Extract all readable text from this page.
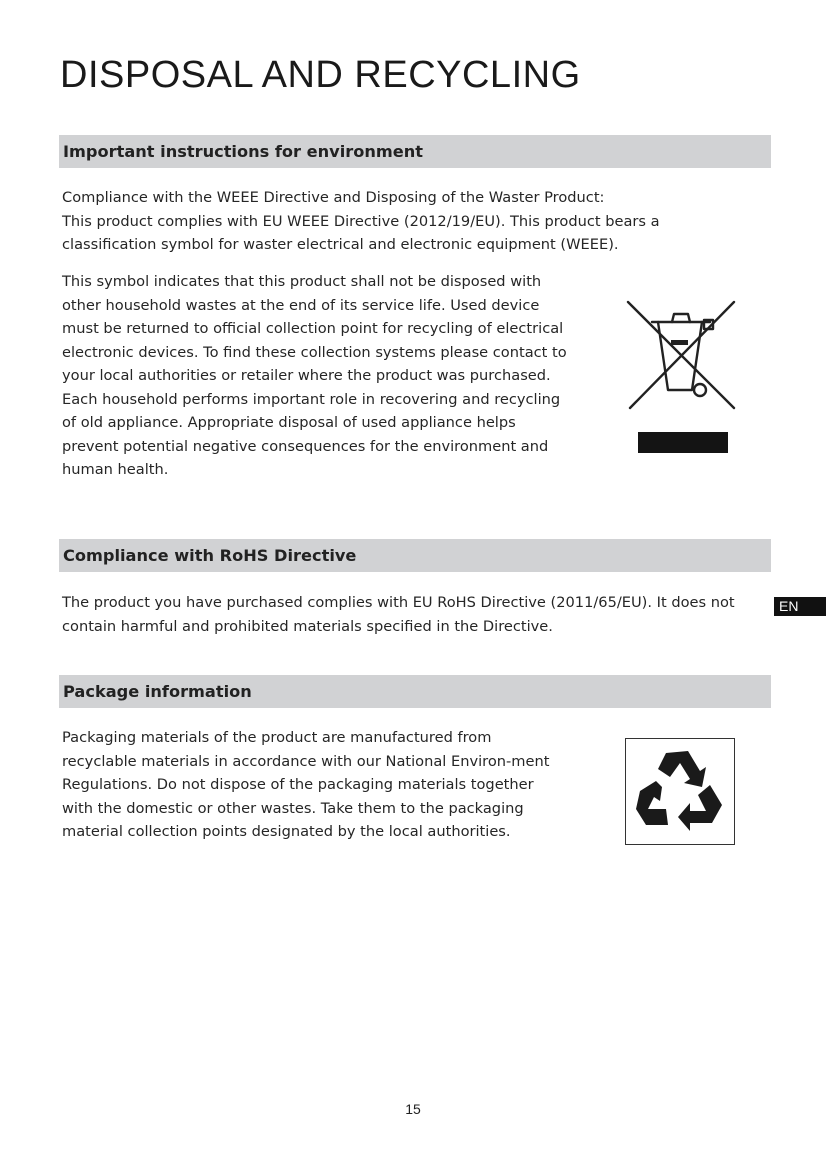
DISPOSAL AND RECYCLING
Important instructions for environment

Compliance with the WEEE Directive and Disposing of the Waster Product:

This product complies with EU WEEE Directive (2012/19/EU). This product bears a classification symbol for waster electrical and electronic equipment (WEEE).

This symbol indicates that this product shall not be disposed with other household wastes at the end of its service life. Used device must be returned to official collection point for recycling of electrical electronic devices. To find these collection systems please contact to your local authorities or retailer where the product was purchased. Each household performs important role in recovering and recycling of old appliance. Appropriate disposal of used appliance helps prevent potential negative consequences for the environment and human health.

Compliance with RoHS Directive

The product you have purchased complies with EU RoHS Directive (2011/65/EU). It does not contain harmful and prohibited materials specified in the Directive.

EN
Package information

Packaging materials of the product are manufactured from recyclable materials in accordance with our National Environ-ment Regulations. Do not dispose of the packaging materials together with the domestic or other wastes. Take them to the packaging material collection points designated by the local authorities.

15
